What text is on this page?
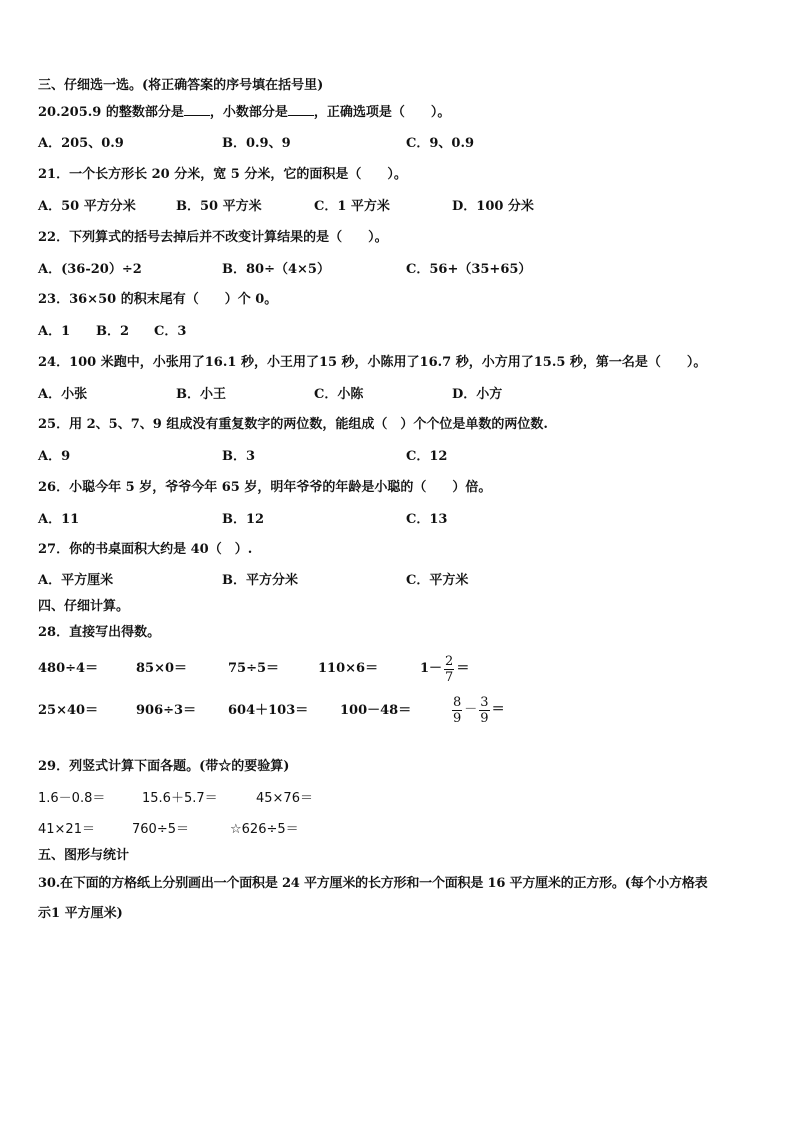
三、仔细选一选。(将正确答案的序号填在括号里)
20.205.9 的整数部分是 ，小数部分是 ，正确选项是（　　）。
A．205、0.9	B．0.9、9	C．9、0.9
21．一个长方形长 20 分米，宽 5 分米，它的面积是（　　）。
A．50 平方分米	B．50 平方米	C．1 平方米	D．100 分米
22．下列算式的括号去掉后并不改变计算结果的是（　　）。
A．(36-20）÷2	B．80÷（4×5）	C．56+（35+65）
23．36×50 的积末尾有（　　）个 0。
A．1 B．2 C．3
24．100 米跑中，小张用了16.1 秒，小王用了15 秒，小陈用了16.7 秒，小方用了15.5 秒，第一名是（　　）。
A．小张	B．小王	C．小陈	D．小方
25．用 2、5、7、9 组成没有重复数字的两位数，能组成（　）个个位是单数的两位数.
A．9	B．3	C．12
26．小聪今年 5 岁，爷爷今年 65 岁，明年爷爷的年龄是小聪的（　　）倍。
A．11	B．12	C．13
27．你的书桌面积大约是 40（　）.
A．平方厘米	B．平方分米	C．平方米
四、仔细计算。
28．直接写出得数。
480÷4＝	85×0＝	75÷5＝	110×6＝	$1- \frac{2}{7}$ ＝
25×40＝	906÷3＝ 604＋103＝ 100－48＝	$\frac{8}{9} - \frac{3}{9}$ ＝
29．列竖式计算下面各题。(带☆的要验算)
1.6－0.8＝	15.6＋5.7＝	45×76＝
41×21＝	760÷5＝	☆626÷5＝
五、图形与统计
30.在下面的方格纸上分别画出一个面积是 24 平方厘米的长方形和一个面积是 16 平方厘米的正方形。(每个小方格表
示1 平方厘米)
